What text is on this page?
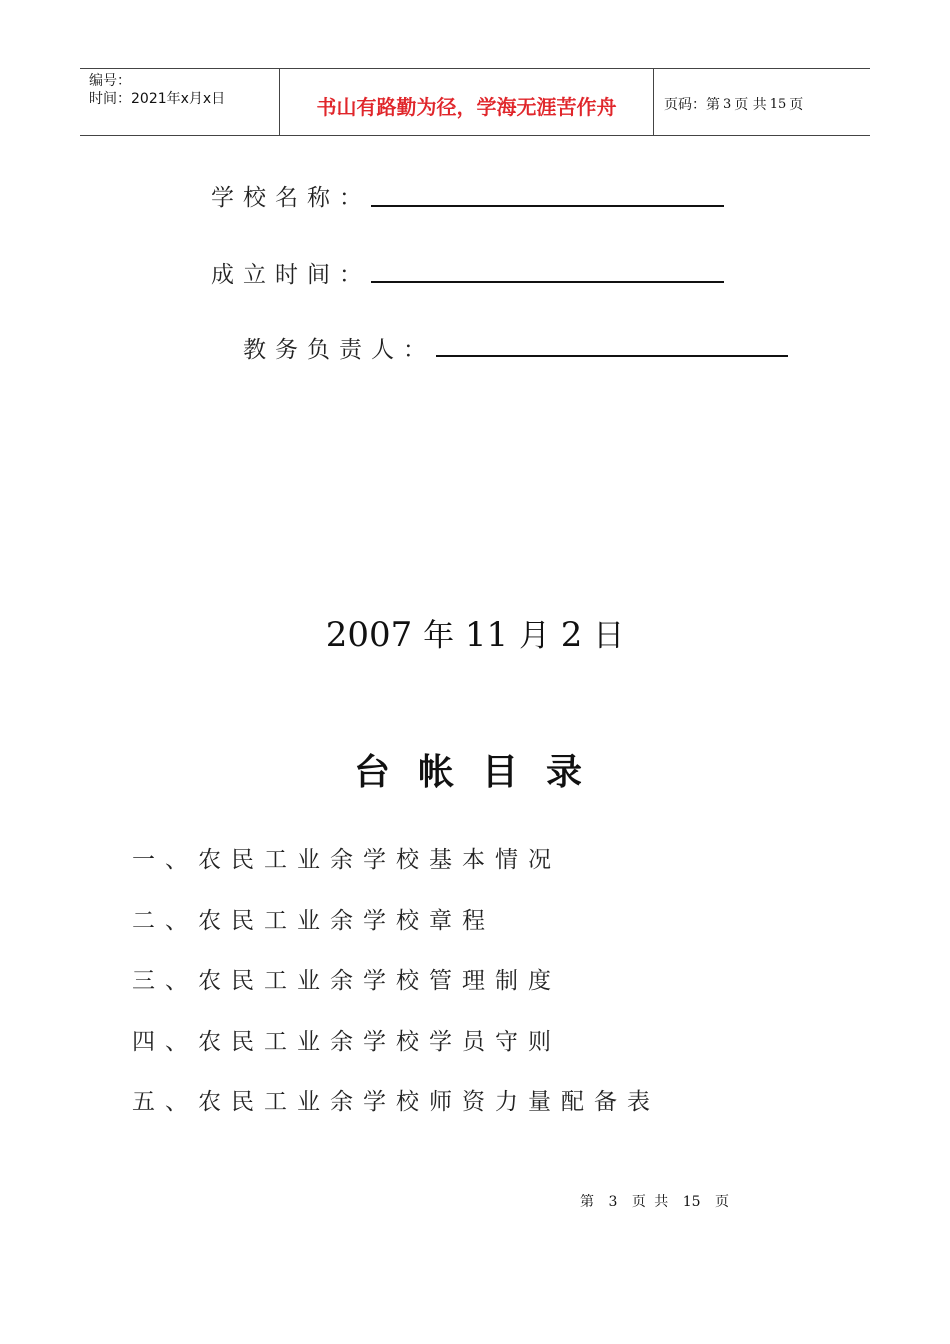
编号：
时间：2021年x月x日	书山有路勤为径，学海无涯苦作舟	页码：第 3 页 共 15 页
学校名称：
成立时间：
教务负责人：
2007 年 11 月 2 日
台帐目录
一、农民工业余学校基本情况
二、农民工业余学校章程
三、农民工业余学校管理制度
四、农民工业余学校学员守则
五、农民工业余学校师资力量配备表
第 3 页 共 15 页
